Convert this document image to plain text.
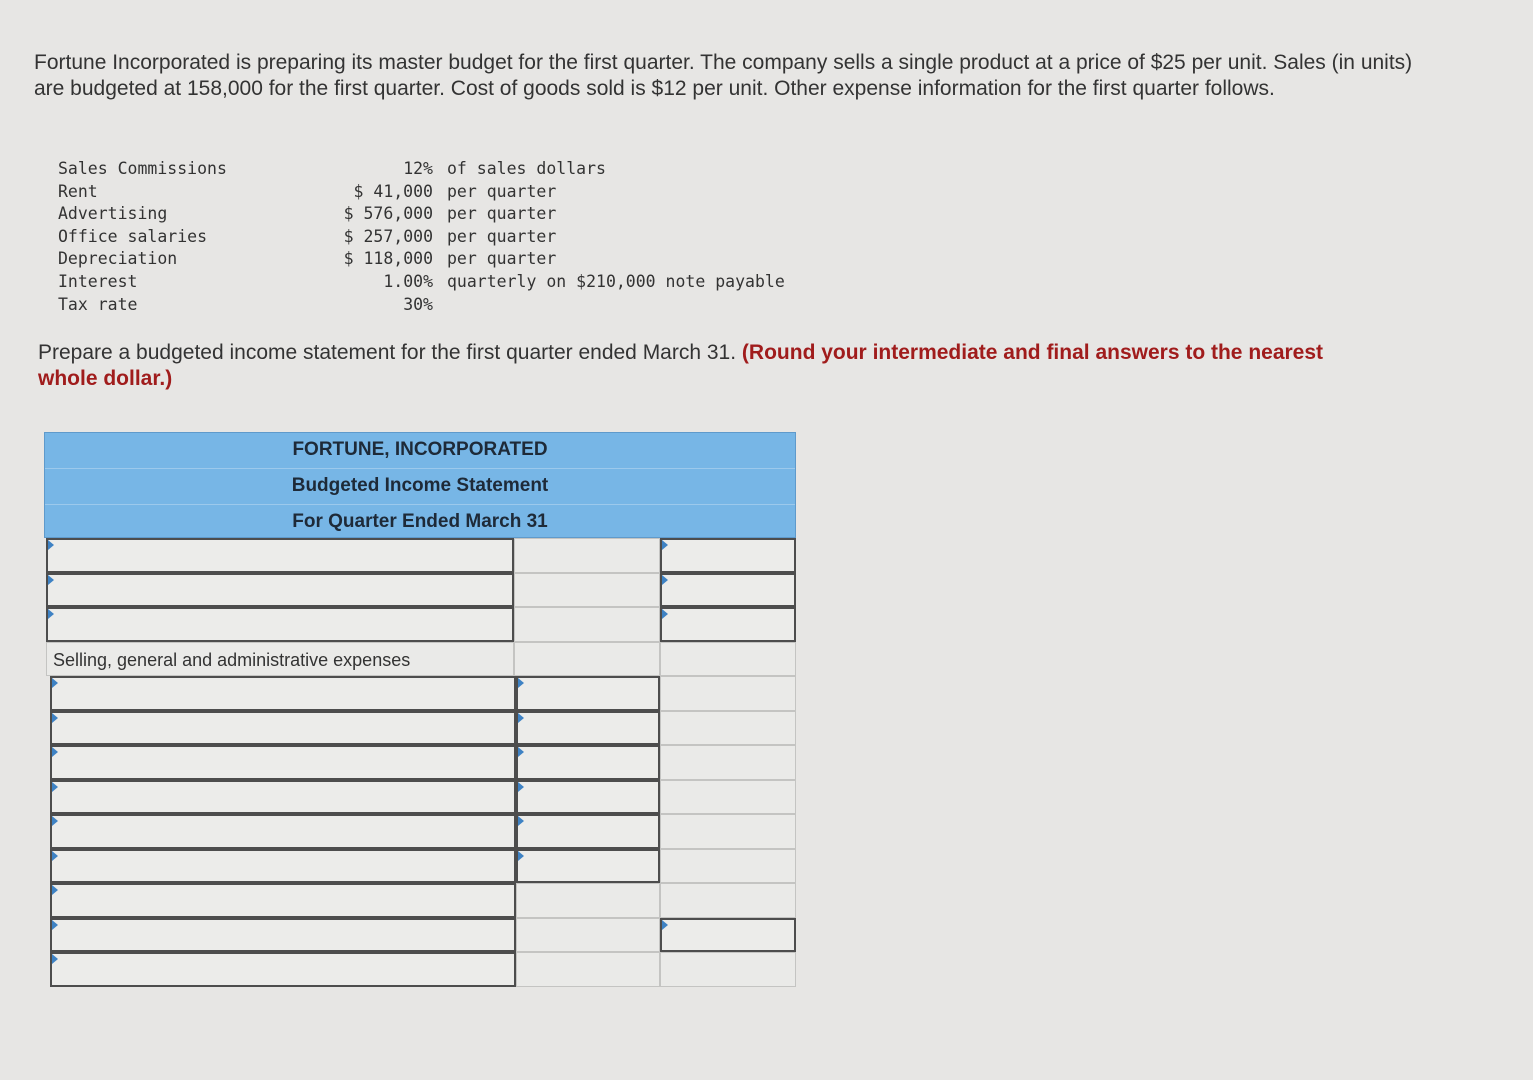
Fortune Incorporated is preparing its master budget for the first quarter. The company sells a single product at a price of $25 per unit. Sales (in units) are budgeted at 158,000 for the first quarter. Cost of goods sold is $12 per unit. Other expense information for the first quarter follows.
Sales Commissions	12%	of sales dollars
Rent	$ 41,000	per quarter
Advertising	$ 576,000	per quarter
Office salaries	$ 257,000	per quarter
Depreciation	$ 118,000	per quarter
Interest	1.00%	quarterly on $210,000 note payable
Tax rate	30%	
Prepare a budgeted income statement for the first quarter ended March 31. (Round your intermediate and final answers to the nearest whole dollar.)
FORTUNE, INCORPORATED
Budgeted Income Statement
For Quarter Ended March 31
Selling, general and administrative expenses
